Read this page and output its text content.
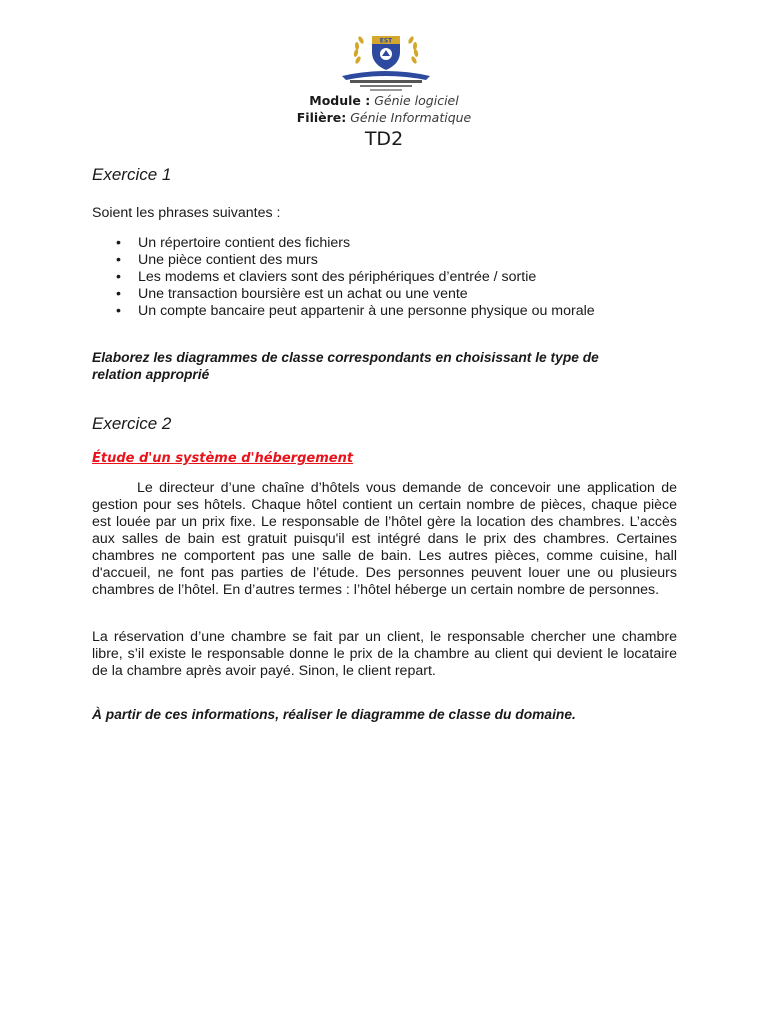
EST
Module : Génie logiciel
Filière: Génie Informatique
TD2
Exercice 1

Soient les phrases suivantes :

• Un répertoire contient des fichiers
• Une pièce contient des murs
• Les modems et claviers sont des périphériques d’entrée / sortie
• Une transaction boursière est un achat ou une vente
• Un compte bancaire peut appartenir à une personne physique ou morale

Elaborez les diagrammes de classe correspondants en choisissant le type de relation approprié

Exercice 2

Étude d'un système d'hébergement

Le directeur d’une chaîne d’hôtels vous demande de concevoir une application de gestion pour ses hôtels. Chaque hôtel contient un certain nombre de pièces, chaque pièce est louée par un prix fixe. Le responsable de l’hôtel gère la location des chambres. L’accès aux salles de bain est gratuit puisqu'il est intégré dans le prix des chambres. Certaines chambres ne comportent pas une salle de bain. Les autres pièces, comme cuisine, hall d'accueil, ne font pas parties de l’étude. Des personnes peuvent louer une ou plusieurs chambres de l’hôtel. En d’autres termes : l’hôtel héberge un certain nombre de personnes.

La réservation d’une chambre se fait par un client, le responsable chercher une chambre libre, s’il existe le responsable donne le prix de la chambre au client qui devient le locataire de la chambre après avoir payé. Sinon, le client repart.

À partir de ces informations, réaliser le diagramme de classe du domaine.
